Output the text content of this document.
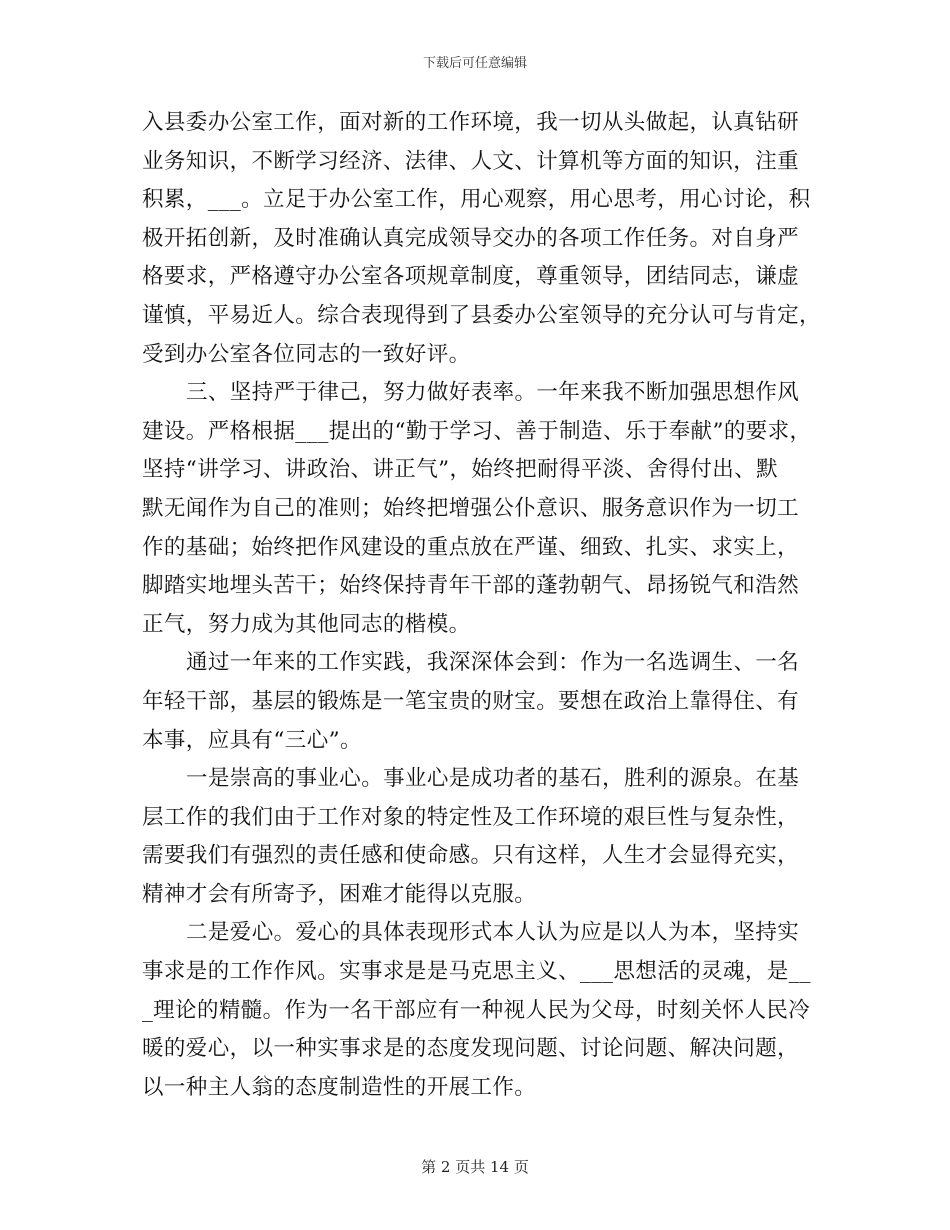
下载后可任意编辑
入县委办公室工作，面对新的工作环境，我一切从头做起，认真钻研
业务知识，不断学习经济、法律、人文、计算机等方面的知识，注重
积累，___。立足于办公室工作，用心观察，用心思考，用心讨论，积
极开拓创新，及时准确认真完成领导交办的各项工作任务。对自身严
格要求，严格遵守办公室各项规章制度，尊重领导，团结同志，谦虚
谨慎，平易近人。综合表现得到了县委办公室领导的充分认可与肯定，
受到办公室各位同志的一致好评。
三、坚持严于律己，努力做好表率。一年来我不断加强思想作风
建设。严格根据___提出的“勤于学习、善于制造、乐于奉献”的要求，
坚持“讲学习、讲政治、讲正气”，始终把耐得平淡、舍得付出、默
默无闻作为自己的准则；始终把增强公仆意识、服务意识作为一切工
作的基础；始终把作风建设的重点放在严谨、细致、扎实、求实上，
脚踏实地埋头苦干；始终保持青年干部的蓬勃朝气、昂扬锐气和浩然
正气，努力成为其他同志的楷模。
通过一年来的工作实践，我深深体会到：作为一名选调生、一名
年轻干部，基层的锻炼是一笔宝贵的财宝。要想在政治上靠得住、有
本事，应具有“三心”。
一是崇高的事业心。事业心是成功者的基石，胜利的源泉。在基
层工作的我们由于工作对象的特定性及工作环境的艰巨性与复杂性，
需要我们有强烈的责任感和使命感。只有这样，人生才会显得充实，
精神才会有所寄予，困难才能得以克服。
二是爱心。爱心的具体表现形式本人认为应是以人为本，坚持实
事求是的工作作风。实事求是是马克思主义、___思想活的灵魂，是__
_理论的精髓。作为一名干部应有一种视人民为父母，时刻关怀人民冷
暖的爱心，以一种实事求是的态度发现问题、讨论问题、解决问题，
以一种主人翁的态度制造性的开展工作。
第 2 页共 14 页
